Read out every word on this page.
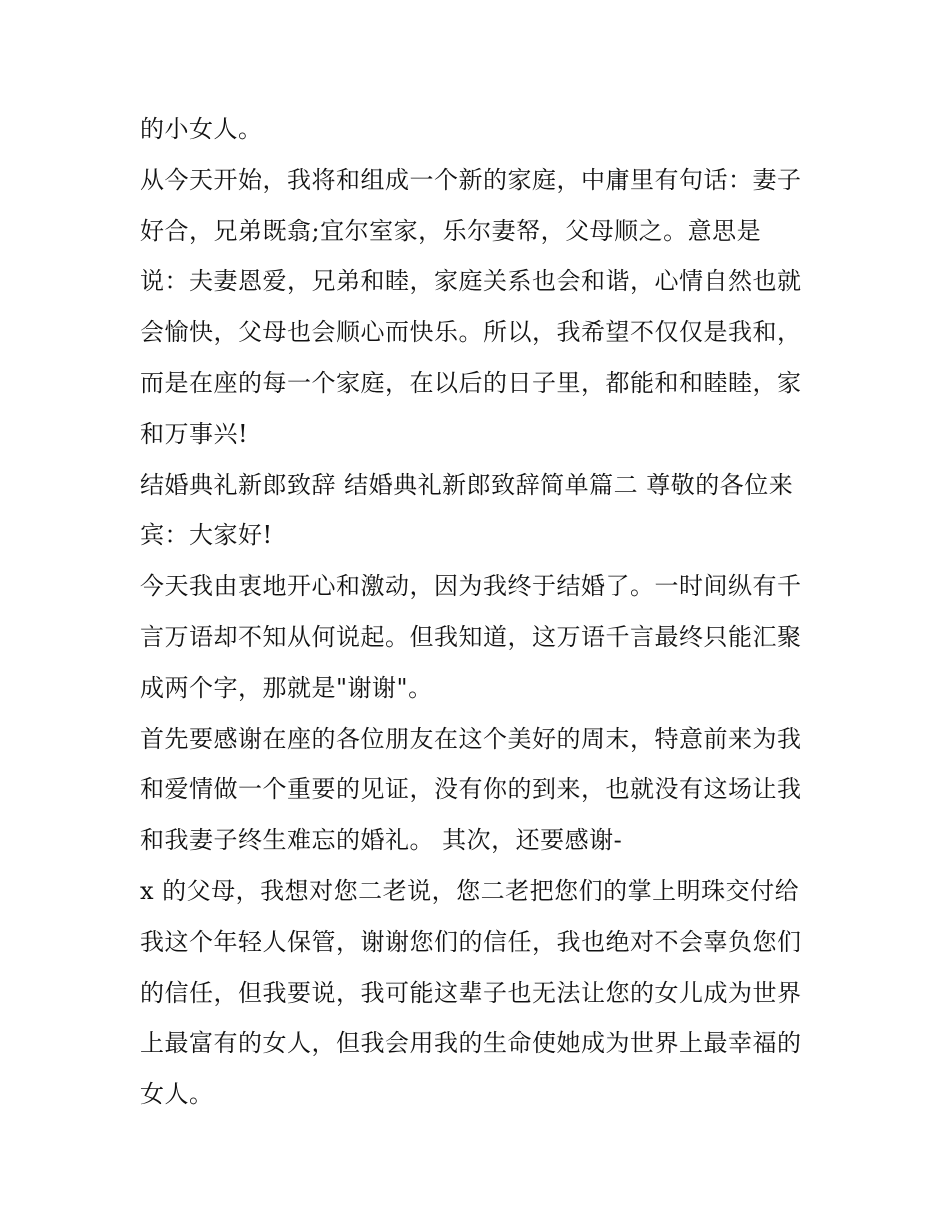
的小女人。
从今天开始，我将和组成一个新的家庭，中庸里有句话：妻子
好合，兄弟既翕;宜尔室家，乐尔妻帑，父母顺之。意思是
说：夫妻恩爱，兄弟和睦，家庭关系也会和谐，心情自然也就
会愉快，父母也会顺心而快乐。所以，我希望不仅仅是我和，
而是在座的每一个家庭，在以后的日子里，都能和和睦睦，家
和万事兴!
结婚典礼新郎致辞 结婚典礼新郎致辞简单篇二 尊敬的各位来
宾：大家好!
今天我由衷地开心和激动，因为我终于结婚了。一时间纵有千
言万语却不知从何说起。但我知道，这万语千言最终只能汇聚
成两个字，那就是"谢谢"。
首先要感谢在座的各位朋友在这个美好的周末，特意前来为我
和爱情做一个重要的见证，没有你的到来，也就没有这场让我
和我妻子终生难忘的婚礼。 其次，还要感谢-
x 的父母，我想对您二老说，您二老把您们的掌上明珠交付给
我这个年轻人保管，谢谢您们的信任，我也绝对不会辜负您们
的信任，但我要说，我可能这辈子也无法让您的女儿成为世界
上最富有的女人，但我会用我的生命使她成为世界上最幸福的
女人。
